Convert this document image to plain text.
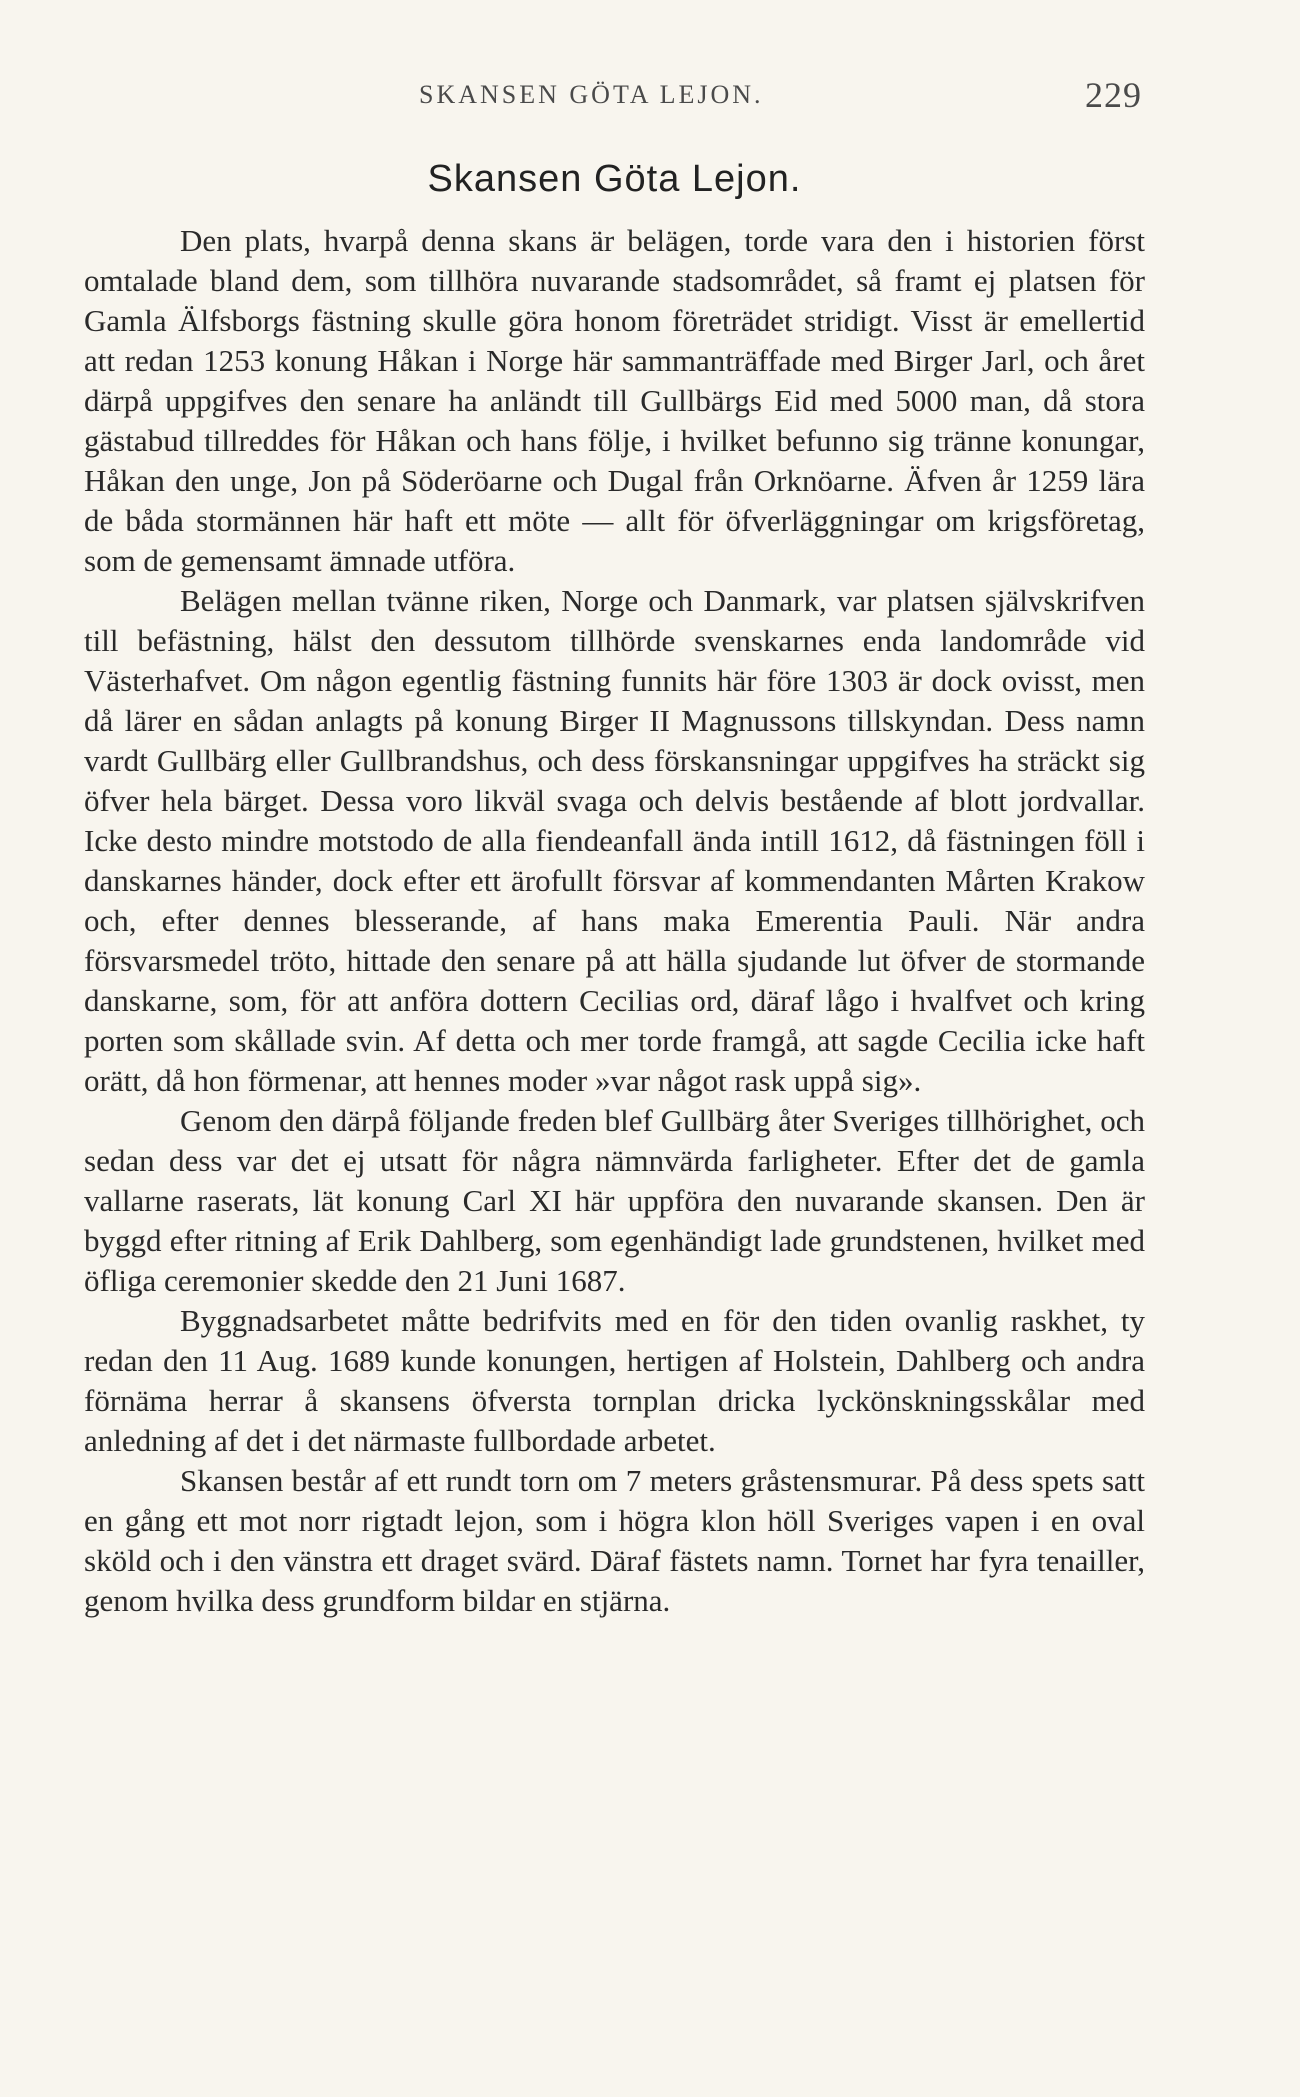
SKANSEN GÖTA LEJON.	229
Skansen Göta Lejon.

Den plats, hvarpå denna skans är belägen, torde vara den i historien först omtalade bland dem, som tillhöra nuvarande stadsområdet, så framt ej platsen för Gamla Älfsborgs fästning skulle göra honom företrädet stridigt. Visst är emellertid att redan 1253 konung Håkan i Norge här sammanträffade med Birger Jarl, och året därpå uppgifves den senare ha anländt till Gullbärgs Eid med 5000 man, då stora gästabud tillreddes för Håkan och hans följe, i hvilket befunno sig tränne konungar, Håkan den unge, Jon på Söderöarne och Dugal från Orknöarne. Äfven år 1259 lära de båda stormännen här haft ett möte — allt för öfverläggningar om krigsföretag, som de gemensamt ämnade utföra.

Belägen mellan tvänne riken, Norge och Danmark, var platsen självskrifven till befästning, hälst den dessutom tillhörde svenskarnes enda landområde vid Västerhafvet. Om någon egentlig fästning funnits här före 1303 är dock ovisst, men då lärer en sådan anlagts på konung Birger II Magnussons tillskyndan. Dess namn vardt Gullbärg eller Gullbrandshus, och dess förskansningar uppgifves ha sträckt sig öfver hela bärget. Dessa voro likväl svaga och delvis bestående af blott jordvallar. Icke desto mindre motstodo de alla fiendeanfall ända intill 1612, då fästningen föll i danskarnes händer, dock efter ett ärofullt försvar af kommendanten Mårten Krakow och, efter dennes blesserande, af hans maka Emerentia Pauli. När andra försvarsmedel tröto, hittade den senare på att hälla sjudande lut öfver de stormande danskarne, som, för att anföra dottern Cecilias ord, däraf lågo i hvalfvet och kring porten som skållade svin. Af detta och mer torde framgå, att sagde Cecilia icke haft orätt, då hon förmenar, att hennes moder »var något rask uppå sig».

Genom den därpå följande freden blef Gullbärg åter Sveriges tillhörighet, och sedan dess var det ej utsatt för några nämnvärda farligheter. Efter det de gamla vallarne raserats, lät konung Carl XI här uppföra den nuvarande skansen. Den är byggd efter ritning af Erik Dahlberg, som egenhändigt lade grundstenen, hvilket med öfliga ceremonier skedde den 21 Juni 1687.

Byggnadsarbetet måtte bedrifvits med en för den tiden ovanlig raskhet, ty redan den 11 Aug. 1689 kunde konungen, hertigen af Holstein, Dahlberg och andra förnäma herrar å skansens öfversta tornplan dricka lyckönskningsskålar med anledning af det i det närmaste fullbordade arbetet.

Skansen består af ett rundt torn om 7 meters gråstensmurar. På dess spets satt en gång ett mot norr rigtadt lejon, som i högra klon höll Sveriges vapen i en oval sköld och i den vänstra ett draget svärd. Däraf fästets namn. Tornet har fyra tenailler, genom hvilka dess grundform bildar en stjärna.
